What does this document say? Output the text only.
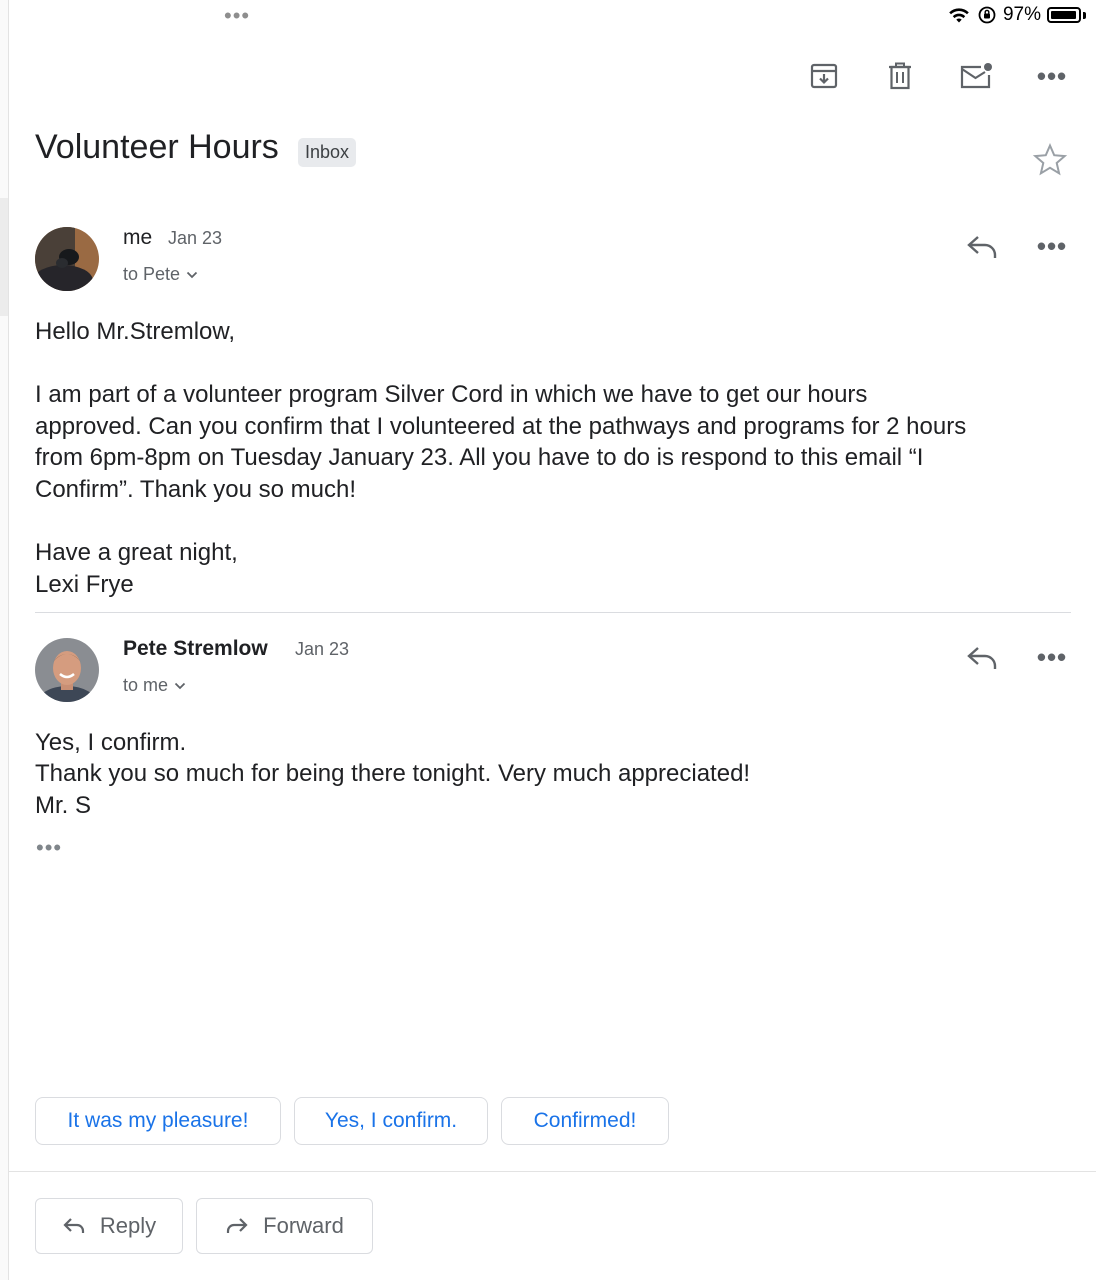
•••	97%
•••
Volunteer Hours	Inbox
me Jan 23
to Pete
•••
Hello Mr.Stremlow,
I am part of a volunteer program Silver Cord in which we have to get our hours
approved. Can you confirm that I volunteered at the pathways and programs for 2 hours
from 6pm-8pm on Tuesday January 23. All you have to do is respond to this email “I
Confirm”. Thank you so much!
Have a great night,
Lexi Frye
Pete Stremlow Jan 23
to me
•••
Yes, I confirm.
Thank you so much for being there tonight. Very much appreciated!
Mr. S
•••
It was my pleasure!	Yes, I confirm.	Confirmed!
Reply	Forward
